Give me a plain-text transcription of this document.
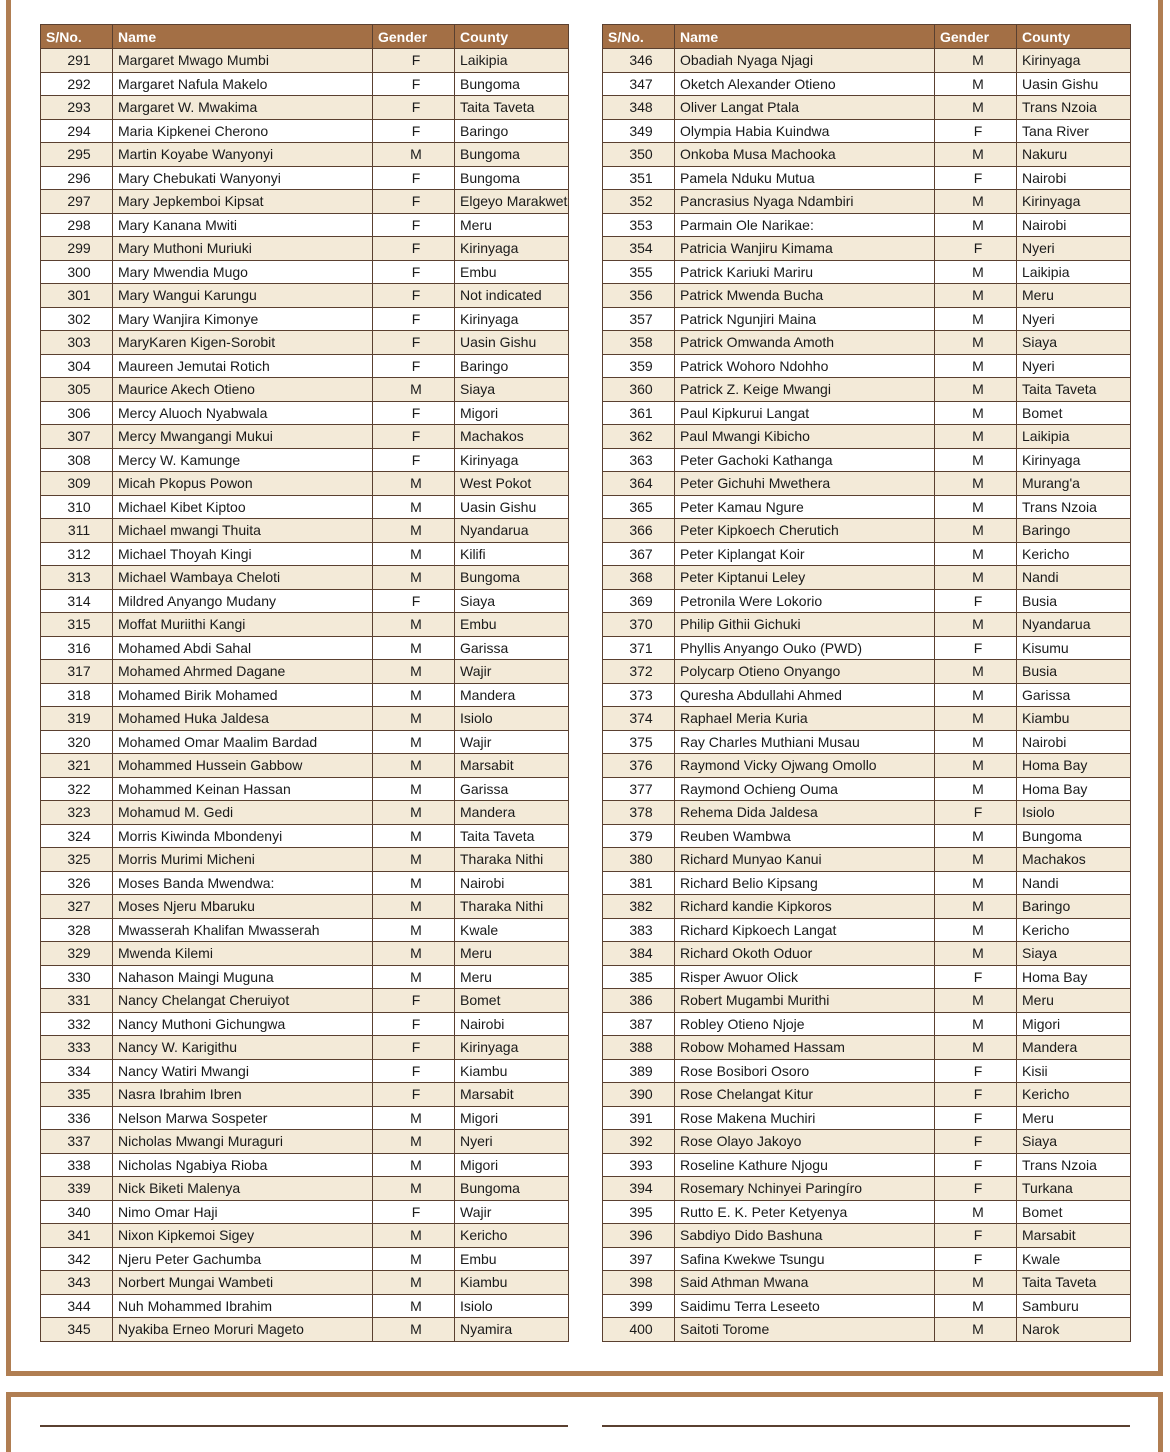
S/No.	Name	Gender	County
291	Margaret Mwago Mumbi	F	Laikipia
292	Margaret Nafula Makelo	F	Bungoma
293	Margaret W. Mwakima	F	Taita Taveta
294	Maria Kipkenei Cherono	F	Baringo
295	Martin Koyabe Wanyonyi	M	Bungoma
296	Mary Chebukati Wanyonyi	F	Bungoma
297	Mary Jepkemboi Kipsat	F	Elgeyo Marakwet
298	Mary Kanana Mwiti	F	Meru
299	Mary Muthoni Muriuki	F	Kirinyaga
300	Mary Mwendia Mugo	F	Embu
301	Mary Wangui Karungu	F	Not indicated
302	Mary Wanjira Kimonye	F	Kirinyaga
303	MaryKaren Kigen-Sorobit	F	Uasin Gishu
304	Maureen Jemutai Rotich	F	Baringo
305	Maurice Akech Otieno	M	Siaya
306	Mercy Aluoch Nyabwala	F	Migori
307	Mercy Mwangangi Mukui	F	Machakos
308	Mercy W. Kamunge	F	Kirinyaga
309	Micah Pkopus Powon	M	West Pokot
310	Michael Kibet Kiptoo	M	Uasin Gishu
311	Michael mwangi Thuita	M	Nyandarua
312	Michael Thoyah Kingi	M	Kilifi
313	Michael Wambaya Cheloti	M	Bungoma
314	Mildred Anyango Mudany	F	Siaya
315	Moffat Muriithi Kangi	M	Embu
316	Mohamed Abdi Sahal	M	Garissa
317	Mohamed Ahrmed Dagane	M	Wajir
318	Mohamed Birik Mohamed	M	Mandera
319	Mohamed Huka Jaldesa	M	Isiolo
320	Mohamed Omar Maalim Bardad	M	Wajir
321	Mohammed Hussein Gabbow	M	Marsabit
322	Mohammed Keinan Hassan	M	Garissa
323	Mohamud M. Gedi	M	Mandera
324	Morris Kiwinda Mbondenyi	M	Taita Taveta
325	Morris Murimi Micheni	M	Tharaka Nithi
326	Moses Banda Mwendwa:	M	Nairobi
327	Moses Njeru Mbaruku	M	Tharaka Nithi
328	Mwasserah Khalifan Mwasserah	M	Kwale
329	Mwenda Kilemi	M	Meru
330	Nahason Maingi Muguna	M	Meru
331	Nancy Chelangat Cheruiyot	F	Bomet
332	Nancy Muthoni Gichungwa	F	Nairobi
333	Nancy W. Karigithu	F	Kirinyaga
334	Nancy Watiri Mwangi	F	Kiambu
335	Nasra Ibrahim Ibren	F	Marsabit
336	Nelson Marwa Sospeter	M	Migori
337	Nicholas Mwangi Muraguri	M	Nyeri
338	Nicholas Ngabiya Rioba	M	Migori
339	Nick Biketi Malenya	M	Bungoma
340	Nimo Omar Haji	F	Wajir
341	Nixon Kipkemoi Sigey	M	Kericho
342	Njeru Peter Gachumba	M	Embu
343	Norbert Mungai Wambeti	M	Kiambu
344	Nuh Mohammed Ibrahim	M	Isiolo
345	Nyakiba Erneo Moruri Mageto	M	Nyamira
S/No.	Name	Gender	County
346	Obadiah Nyaga Njagi	M	Kirinyaga
347	Oketch Alexander Otieno	M	Uasin Gishu
348	Oliver Langat Ptala	M	Trans Nzoia
349	Olympia Habia Kuindwa	F	Tana River
350	Onkoba Musa Machooka	M	Nakuru
351	Pamela Nduku Mutua	F	Nairobi
352	Pancrasius Nyaga Ndambiri	M	Kirinyaga
353	Parmain Ole Narikae:	M	Nairobi
354	Patricia Wanjiru Kimama	F	Nyeri
355	Patrick Kariuki Mariru	M	Laikipia
356	Patrick Mwenda Bucha	M	Meru
357	Patrick Ngunjiri Maina	M	Nyeri
358	Patrick Omwanda Amoth	M	Siaya
359	Patrick Wohoro Ndohho	M	Nyeri
360	Patrick Z. Keige Mwangi	M	Taita Taveta
361	Paul Kipkurui Langat	M	Bomet
362	Paul Mwangi Kibicho	M	Laikipia
363	Peter Gachoki Kathanga	M	Kirinyaga
364	Peter Gichuhi Mwethera	M	Murang'a
365	Peter Kamau Ngure	M	Trans Nzoia
366	Peter Kipkoech Cherutich	M	Baringo
367	Peter Kiplangat Koir	M	Kericho
368	Peter Kiptanui Leley	M	Nandi
369	Petronila Were Lokorio	F	Busia
370	Philip Githii Gichuki	M	Nyandarua
371	Phyllis Anyango Ouko (PWD)	F	Kisumu
372	Polycarp Otieno Onyango	M	Busia
373	Quresha Abdullahi Ahmed	M	Garissa
374	Raphael Meria Kuria	M	Kiambu
375	Ray Charles Muthiani Musau	M	Nairobi
376	Raymond Vicky Ojwang Omollo	M	Homa Bay
377	Raymond Ochieng Ouma	M	Homa Bay
378	Rehema Dida Jaldesa	F	Isiolo
379	Reuben Wambwa	M	Bungoma
380	Richard Munyao Kanui	M	Machakos
381	Richard Belio Kipsang	M	Nandi
382	Richard kandie Kipkoros	M	Baringo
383	Richard Kipkoech Langat	M	Kericho
384	Richard Okoth Oduor	M	Siaya
385	Risper Awuor Olick	F	Homa Bay
386	Robert Mugambi Murithi	M	Meru
387	Robley Otieno Njoje	M	Migori
388	Robow Mohamed Hassam	M	Mandera
389	Rose Bosibori Osoro	F	Kisii
390	Rose Chelangat Kitur	F	Kericho
391	Rose Makena Muchiri	F	Meru
392	Rose Olayo Jakoyo	F	Siaya
393	Roseline Kathure Njogu	F	Trans Nzoia
394	Rosemary Nchinyei Paringíro	F	Turkana
395	Rutto E. K. Peter Ketyenya	M	Bomet
396	Sabdiyo Dido Bashuna	F	Marsabit
397	Safina Kwekwe Tsungu	F	Kwale
398	Said Athman Mwana	M	Taita Taveta
399	Saidimu Terra Leseeto	M	Samburu
400	Saitoti Torome	M	Narok
